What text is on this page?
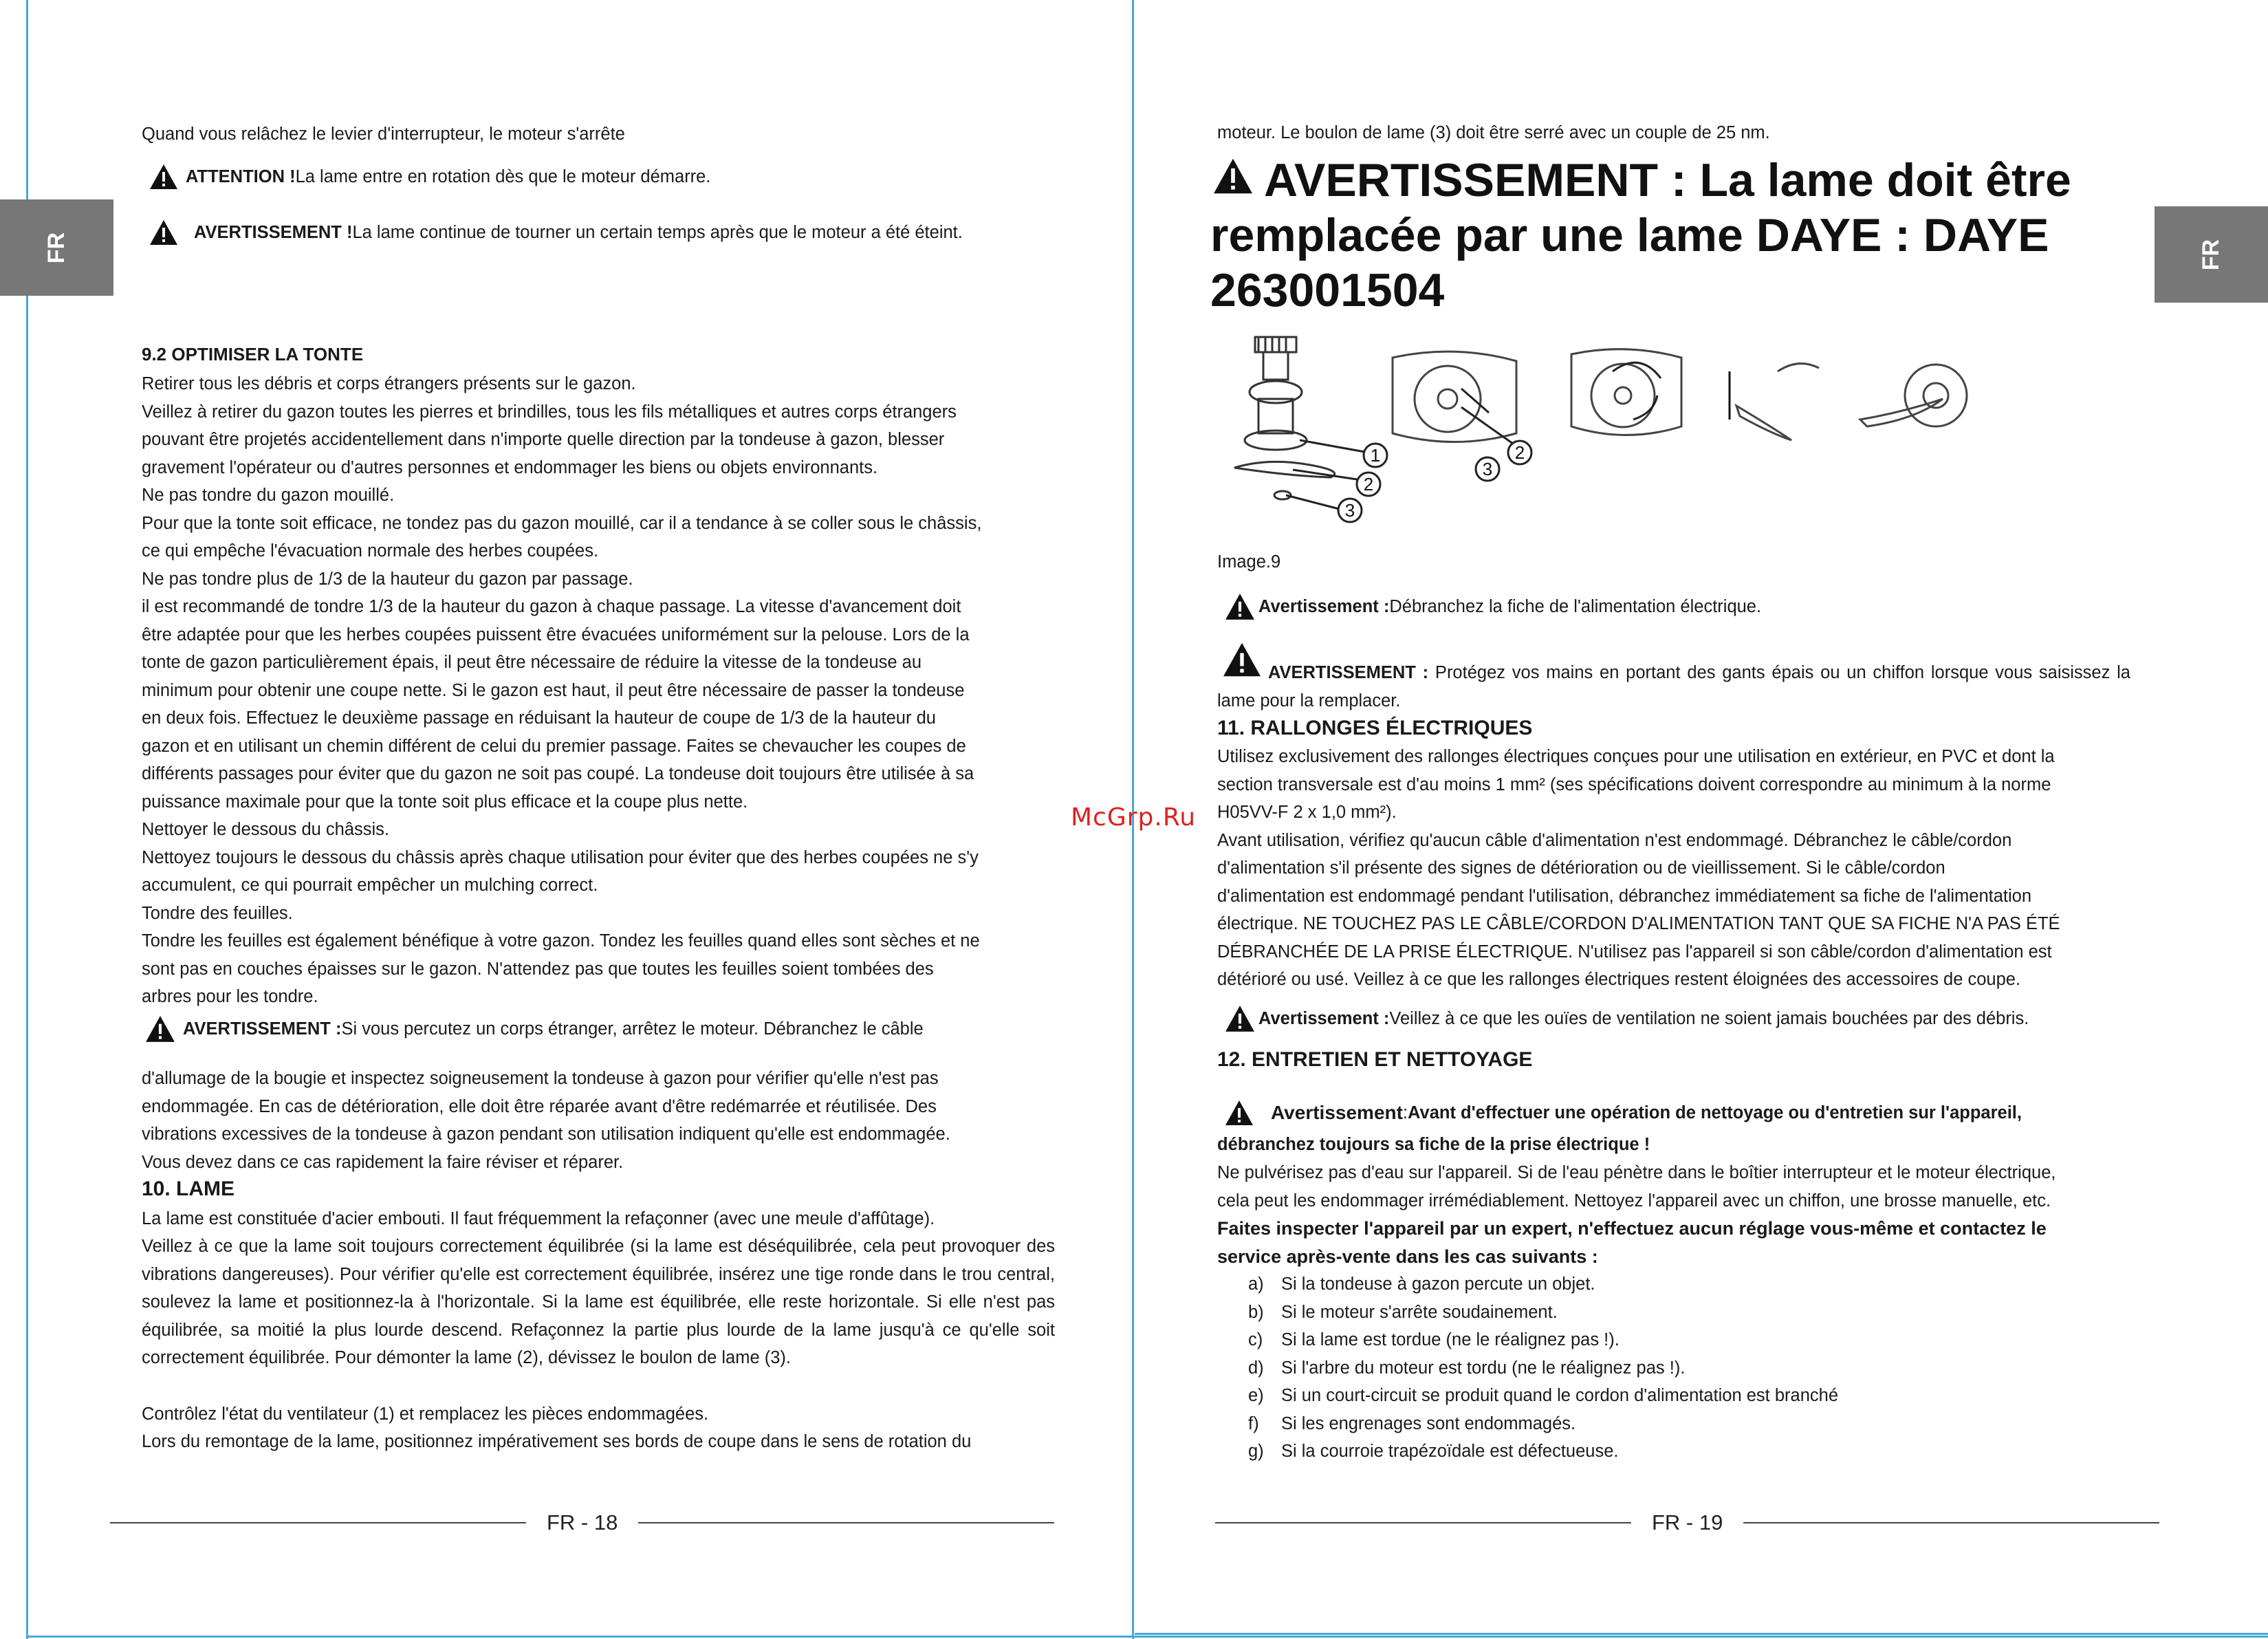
FR	FR
McGrp.Ru
Quand vous relâchez le levier d'interrupteur, le moteur s'arrête
ATTENTION ! La lame entre en rotation dès que le moteur démarre.
AVERTISSEMENT ! La lame continue de tourner un certain temps après que le moteur a été éteint.
9.2 OPTIMISER LA TONTE
Retirer tous les débris et corps étrangers présents sur le gazon.
Veillez à retirer du gazon toutes les pierres et brindilles, tous les fils métalliques et autres corps étrangers
pouvant être projetés accidentellement dans n'importe quelle direction par la tondeuse à gazon, blesser
gravement l'opérateur ou d'autres personnes et endommager les biens ou objets environnants.
Ne pas tondre du gazon mouillé.
Pour que la tonte soit efficace, ne tondez pas du gazon mouillé, car il a tendance à se coller sous le châssis,
ce qui empêche l'évacuation normale des herbes coupées.
Ne pas tondre plus de 1/3 de la hauteur du gazon par passage.
il est recommandé de tondre 1/3 de la hauteur du gazon à chaque passage. La vitesse d'avancement doit
être adaptée pour que les herbes coupées puissent être évacuées uniformément sur la pelouse. Lors de la
tonte de gazon particulièrement épais, il peut être nécessaire de réduire la vitesse de la tondeuse au
minimum pour obtenir une coupe nette. Si le gazon est haut, il peut être nécessaire de passer la tondeuse
en deux fois. Effectuez le deuxième passage en réduisant la hauteur de coupe de 1/3 de la hauteur du
gazon et en utilisant un chemin différent de celui du premier passage. Faites se chevaucher les coupes de
différents passages pour éviter que du gazon ne soit pas coupé. La tondeuse doit toujours être utilisée à sa
puissance maximale pour que la tonte soit plus efficace et la coupe plus nette.
Nettoyer le dessous du châssis.
Nettoyez toujours le dessous du châssis après chaque utilisation pour éviter que des herbes coupées ne s'y
accumulent, ce qui pourrait empêcher un mulching correct.
Tondre des feuilles.
Tondre les feuilles est également bénéfique à votre gazon. Tondez les feuilles quand elles sont sèches et ne
sont pas en couches épaisses sur le gazon. N'attendez pas que toutes les feuilles soient tombées des
arbres pour les tondre.
AVERTISSEMENT : Si vous percutez un corps étranger, arrêtez le moteur. Débranchez le câble
d'allumage de la bougie et inspectez soigneusement la tondeuse à gazon pour vérifier qu'elle n'est pas
endommagée. En cas de détérioration, elle doit être réparée avant d'être redémarrée et réutilisée. Des
vibrations excessives de la tondeuse à gazon pendant son utilisation indiquent qu'elle est endommagée.
Vous devez dans ce cas rapidement la faire réviser et réparer.
10. LAME
La lame est constituée d'acier embouti. Il faut fréquemment la refaçonner (avec une meule d'affûtage).
Veillez à ce que la lame soit toujours correctement équilibrée (si la lame est déséquilibrée, cela peut provoquer des vibrations dangereuses). Pour vérifier qu'elle est correctement équilibrée, insérez une tige ronde dans le trou central, soulevez la lame et positionnez-la à l'horizontale. Si la lame est équilibrée, elle reste horizontale. Si elle n'est pas équilibrée, sa moitié la plus lourde descend. Refaçonnez la partie plus lourde de la lame jusqu'à ce qu'elle soit correctement équilibrée. Pour démonter la lame (2), dévissez le boulon de lame (3).
Contrôlez l'état du ventilateur (1) et remplacez les pièces endommagées.
Lors du remontage de la lame, positionnez impérativement ses bords de coupe dans le sens de rotation du
FR - 18
moteur. Le boulon de lame (3) doit être serré avec un couple de 25 nm.
AVERTISSEMENT : La lame doit être
remplacée par une lame DAYE : DAYE
263001504
1
2
3
3
2
Image.9
Avertissement : Débranchez la fiche de l'alimentation électrique.
AVERTISSEMENT : Protégez vos mains en portant des gants épais ou un chiffon lorsque vous saisissez la lame pour la remplacer.
11. RALLONGES ÉLECTRIQUES
Utilisez exclusivement des rallonges électriques conçues pour une utilisation en extérieur, en PVC et dont la
section transversale est d'au moins 1 mm² (ses spécifications doivent correspondre au minimum à la norme
H05VV-F 2 x 1,0 mm²).
Avant utilisation, vérifiez qu'aucun câble d'alimentation n'est endommagé. Débranchez le câble/cordon
d'alimentation s'il présente des signes de détérioration ou de vieillissement. Si le câble/cordon
d'alimentation est endommagé pendant l'utilisation, débranchez immédiatement sa fiche de l'alimentation
électrique. NE TOUCHEZ PAS LE CÂBLE/CORDON D'ALIMENTATION TANT QUE SA FICHE N'A PAS ÉTÉ
DÉBRANCHÉE DE LA PRISE ÉLECTRIQUE. N'utilisez pas l'appareil si son câble/cordon d'alimentation est
détérioré ou usé. Veillez à ce que les rallonges électriques restent éloignées des accessoires de coupe.
Avertissement : Veillez à ce que les ouïes de ventilation ne soient jamais bouchées par des débris.
12. ENTRETIEN ET NETTOYAGE
Avertissement : Avant d'effectuer une opération de nettoyage ou d'entretien sur l'appareil,
débranchez toujours sa fiche de la prise électrique !
Ne pulvérisez pas d'eau sur l'appareil. Si de l'eau pénètre dans le boîtier interrupteur et le moteur électrique,
cela peut les endommager irrémédiablement. Nettoyez l'appareil avec un chiffon, une brosse manuelle, etc.
Faites inspecter l'appareil par un expert, n'effectuez aucun réglage vous-même et contactez le
service après-vente dans les cas suivants :
a) Si la tondeuse à gazon percute un objet.
b) Si le moteur s'arrête soudainement.
c) Si la lame est tordue (ne le réalignez pas !).
d) Si l'arbre du moteur est tordu (ne le réalignez pas !).
e) Si un court-circuit se produit quand le cordon d'alimentation est branché
f) Si les engrenages sont endommagés.
g) Si la courroie trapézoïdale est défectueuse.
FR - 19
